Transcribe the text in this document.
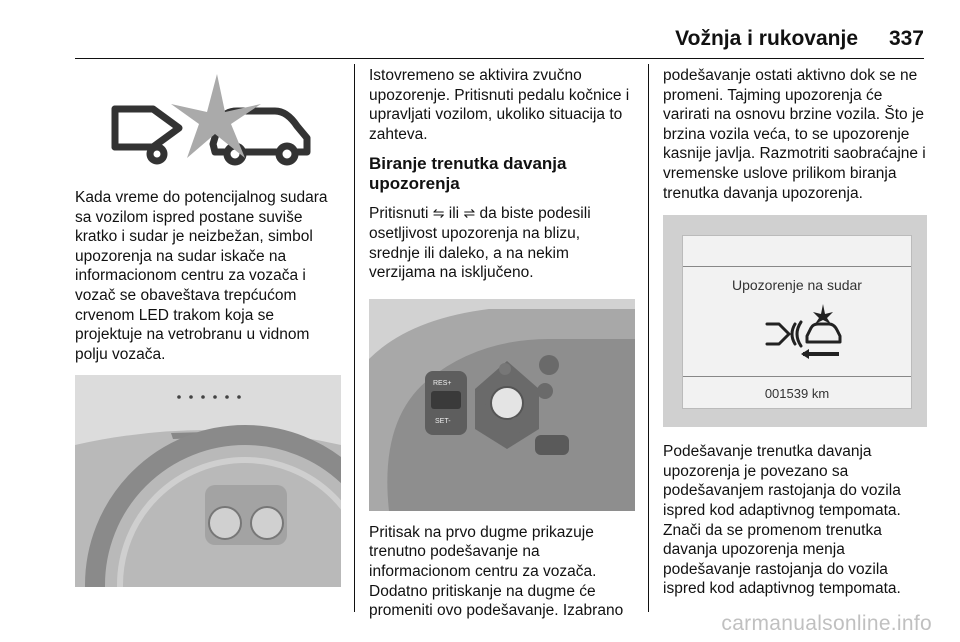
Vožnja i rukovanje 337

Kada vreme do potencijalnog sudara sa vozilom ispred postane suviše kratko i sudar je neizbežan, simbol upozorenja na sudar iskače na informacionom centru za vozača i vozač se obaveštava trepćućom crvenom LED trakom koja se projektuje na vetrobranu u vidnom polju vozača.

Istovremeno se aktivira zvučno upozorenje. Pritisnuti pedalu kočnice i upravljati vozilom, ukoliko situacija to zahteva.

Biranje trenutka davanja upozorenja

Pritisnuti ⇋ ili ⇌ da biste podesili osetljivost upozorenja na blizu, srednje ili daleko, a na nekim verzijama na isključeno.

RES+
SET-

Pritisak na prvo dugme prikazuje trenutno podešavanje na informacionom centru za vozača. Dodatno pritiskanje na dugme će promeniti ovo podešavanje. Izabrano

podešavanje ostati aktivno dok se ne promeni. Tajming upozorenja će varirati na osnovu brzine vozila. Što je brzina vozila veća, to se upozorenje kasnije javlja. Razmotriti saobraćajne i vremenske uslove prilikom biranja trenutka davanja upozorenja.

Upozorenje na sudar
001539 km

Podešavanje trenutka davanja upozorenja je povezano sa podešavanjem rastojanja do vozila ispred kod adaptivnog tempomata. Znači da se promenom trenutka davanja upozorenja menja podešavanje rastojanja do vozila ispred kod adaptivnog tempomata.

carmanualsonline.info
